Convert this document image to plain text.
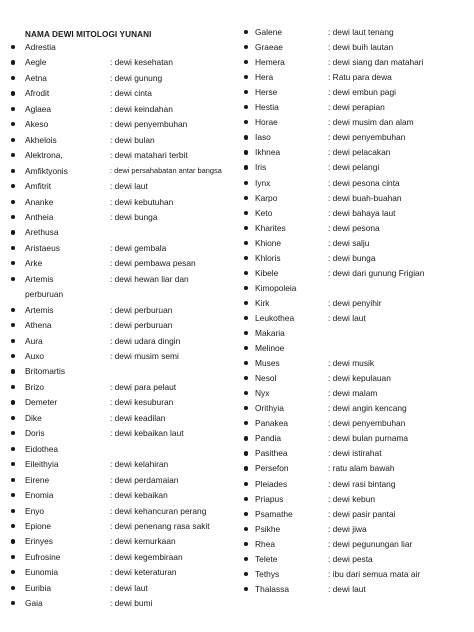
NAMA DEWI MITOLOGI YUNANI
Adrestia
Aegle	: dewi kesehatan
Aetna	: dewi gunung
Afrodit	: dewi cinta
Aglaea	: dewi keindahan
Akeso	: dewi penyembuhan
Akhelois	: dewi bulan
Alektrona,	: dewi matahari terbit
Amfiktyonis	: dewi persahabatan antar bangsa
Amfitrit	: dewi laut
Ananke	: dewi kebutuhan
Antheia	: dewi bunga
Arethusa
Aristaeus	: dewi gembala
Arke	: dewi pembawa pesan
Artemis	: dewi hewan liar dan
perburuan
Artemis	: dewi perburuan
Athena	: dewi perburuan
Aura	: dewi udara dingin
Auxo	: dewi musim semi
Britomartis
Brizo	: dewi para pelaut
Demeter	: dewi kesuburan
Dike	: dewi keadilan
Doris	: dewi kebaikan laut
Eidothea
Eileithyia	: dewi kelahiran
Eirene	: dewi perdamaian
Enomia	: dewi kebaikan
Enyo	: dewi kehancuran perang
Epione	: dewi penenang rasa sakit
Erinyes	: dewi kemurkaan
Eufrosine	: dewi kegembiraan
Eunomia	: dewi keteraturan
Euribia	: dewi laut
Gaia	: dewi bumi
Galene	: dewi laut tenang
Graeae	: dewi buih lautan
Hemera	: dewi siang dan matahari
Hera	: Ratu para dewa
Herse	: dewi embun pagi
Hestia	: dewi perapian
Horae	: dewi musim dan alam
Iaso	: dewi penyembuhan
Ikhnea	: dewi pelacakan
Iris	: dewi pelangi
Iynx	: dewi pesona cinta
Karpo	: dewi buah-buahan
Keto	: dewi bahaya laut
Kharites	: dewi pesona
Khione	: dewi salju
Khloris	: dewi bunga
Kibele	: dewi dari gunung Frigian
Kimopoleia
Kirk	: dewi penyihir
Leukothea	: dewi laut
Makaria
Melinoe
Muses	: dewi musik
Nesol	: dewi kepulauan
Nyx	: dewi malam
Orithyia	: dewi angin kencang
Panakea	: dewi penyembuhan
Pandia	: dewi bulan purnama
Pasithea	: dewi istirahat
Persefon	: ratu alam bawah
Pleiades	: dewi rasi bintang
Priapus	: dewi kebun
Psamathe	: dewi pasir pantai
Psikhe	: dewi jiwa
Rhea	: dewi pegunungan liar
Telete	: dewi pesta
Tethys	: ibu dari semua mata air
Thalassa	: dewi laut
